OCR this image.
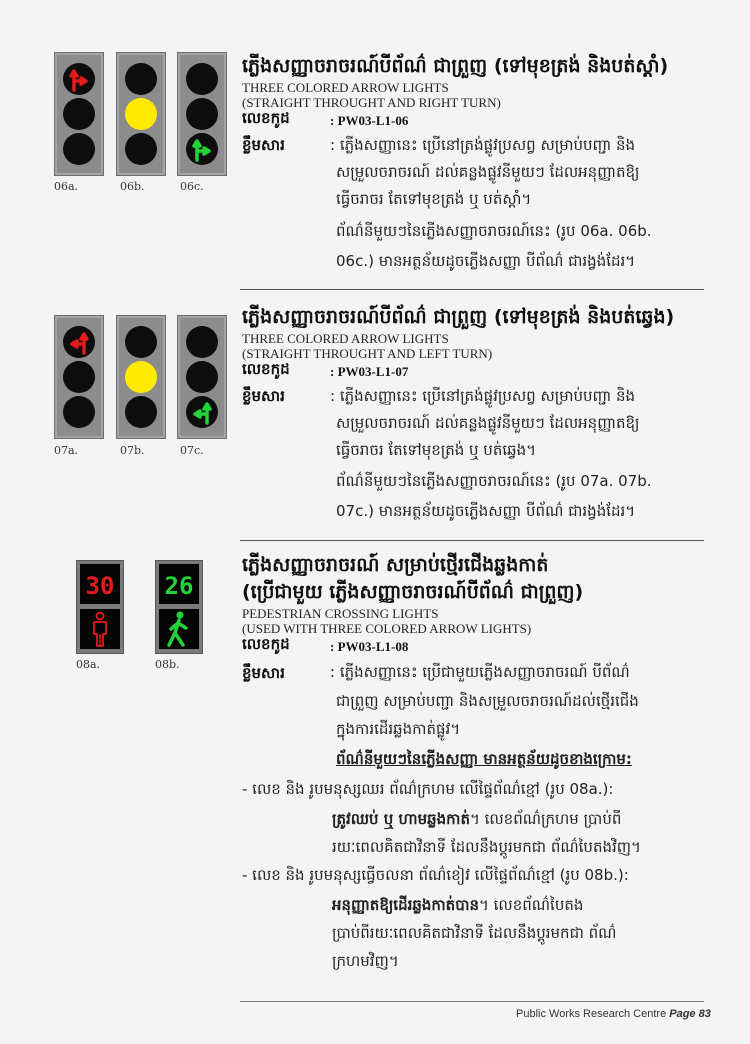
06a.	06b.	06c.
ភ្លើងសញ្ញាចរាចរណ៍បីព័ណ៌ ជាព្រួញ (ទៅមុខត្រង់ និងបត់ស្តាំ)
THREE COLORED ARROW LIGHTS
(STRAIGHT THROUGHT AND RIGHT TURN)
លេខកូដ	: PW03-L1-06
ខ្លឹមសារ	: ភ្លើងសញ្ញានេះ ប្រើនៅត្រង់ផ្លូវប្រសព្វ សម្រាប់បញ្ជា និង
សម្រួលចរាចរណ៍ ដល់គន្លងផ្លូវនីមួយៗ ដែលអនុញ្ញាតឱ្យ
ធ្វើចរាចរ តែទៅមុខត្រង់ ឬ បត់ស្តាំ។
ព័ណ៌នីមួយៗនៃភ្លើងសញ្ញាចរាចរណ៍នេះ (រូប 06a. 06b.
06c.) មានអត្ថន័យដូចភ្លើងសញ្ញា បីព័ណ៌ ជារង្វង់ដែរ។
07a.	07b.	07c.
ភ្លើងសញ្ញាចរាចរណ៍បីព័ណ៌ ជាព្រួញ (ទៅមុខត្រង់ និងបត់ឆ្វេង)
THREE COLORED ARROW LIGHTS
(STRAIGHT THROUGHT AND LEFT TURN)
លេខកូដ	: PW03-L1-07
ខ្លឹមសារ	: ភ្លើងសញ្ញានេះ ប្រើនៅត្រង់ផ្លូវប្រសព្វ សម្រាប់បញ្ជា និង
សម្រួលចរាចរណ៍ ដល់គន្លងផ្លូវនីមួយៗ ដែលអនុញ្ញាតឱ្យ
ធ្វើចរាចរ តែទៅមុខត្រង់ ឬ បត់ឆ្វេង។
ព័ណ៌នីមួយៗនៃភ្លើងសញ្ញាចរាចរណ៍នេះ (រូប 07a. 07b.
07c.) មានអត្ថន័យដូចភ្លើងសញ្ញា បីព័ណ៌ ជារង្វង់ដែរ។
30 26
08a.	08b.
ភ្លើងសញ្ញាចរាចរណ៍ សម្រាប់ថ្មើរជើងឆ្លងកាត់
(ប្រើជាមួយ ភ្លើងសញ្ញាចរាចរណ៍បីព័ណ៌ ជាព្រួញ)
PEDESTRIAN CROSSING LIGHTS
(USED WITH THREE COLORED ARROW LIGHTS)
លេខកូដ	: PW03-L1-08
ខ្លឹមសារ	: ភ្លើងសញ្ញានេះ ប្រើជាមួយភ្លើងសញ្ញាចរាចរណ៍ បីព័ណ៌
ជាព្រួញ សម្រាប់បញ្ជា និងសម្រួលចរាចរណ៍ដល់ថ្មើរជើង
ក្នុងការដើរឆ្លងកាត់ផ្លូវ។
ព័ណ៌នីមួយៗនៃភ្លើងសញ្ញា មានអត្ថន័យដូចខាងក្រោម:
- លេខ និង រូបមនុស្សឈរ ព័ណ៌ក្រហម លើផ្ទៃព័ណ៌ខ្មៅ (រូប 08a.):
ត្រូវឈប់ ឬ ហាមឆ្លងកាត់។ លេខព័ណ៌ក្រហម ប្រាប់ពី
រយៈពេលគិតជាវិនាទី ដែលនឹងប្តូរមកជា ព័ណ៌បៃតងវិញ។
- លេខ និង រូបមនុស្សធ្វើចលនា ព័ណ៌ខៀវ លើផ្ទៃព័ណ៌ខ្មៅ (រូប 08b.):
អនុញ្ញាតឱ្យដើរឆ្លងកាត់បាន។ លេខព័ណ៌បៃតង
ប្រាប់ពីរយៈពេលគិតជាវិនាទី ដែលនឹងប្តូរមកជា ព័ណ៌
ក្រហមវិញ។
Public Works Research Centre Page 83
